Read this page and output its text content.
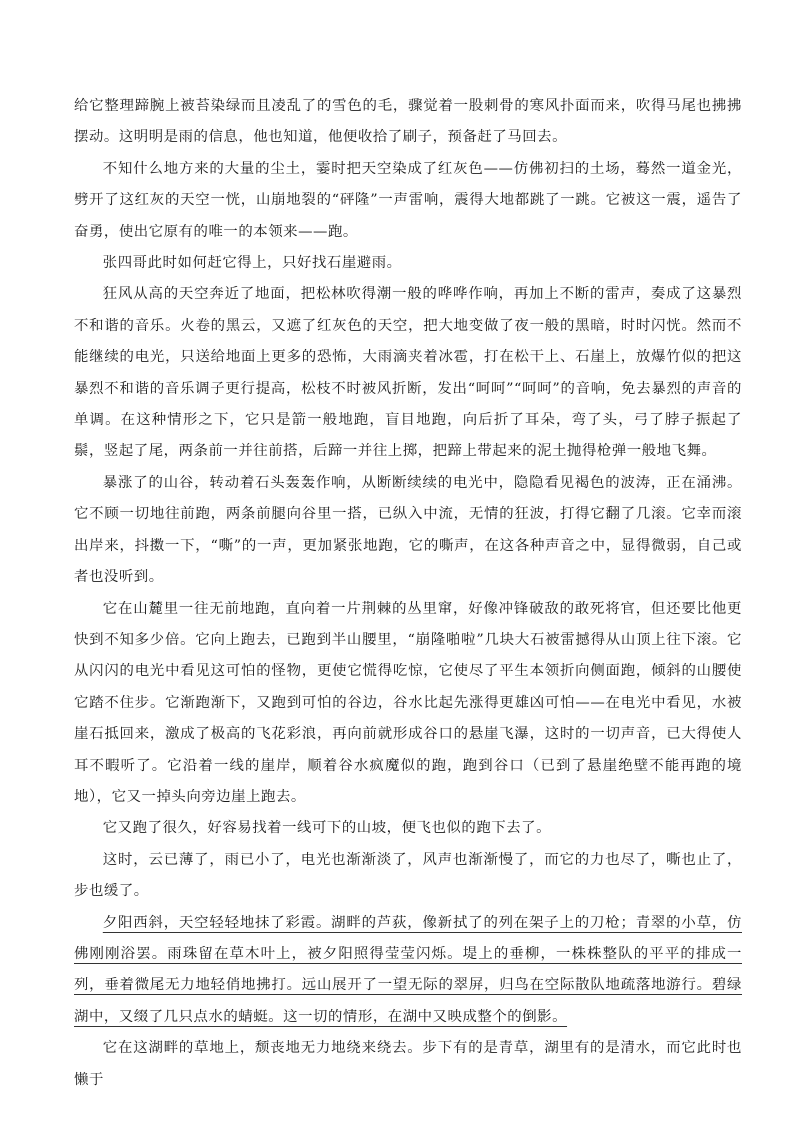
给它整理蹄腕上被苔染绿而且凌乱了的雪色的毛，骤觉着一股刺骨的寒风扑面而来，吹得马尾也拂拂摆动。这明明是雨的信息，他也知道，他便收拾了刷子，预备赶了马回去。

不知什么地方来的大量的尘土，霎时把天空染成了红灰色——仿佛初扫的土场，蓦然一道金光，劈开了这红灰的天空一恍，山崩地裂的“砰隆”一声雷响，震得大地都跳了一跳。它被这一震，遥告了奋勇，使出它原有的唯一的本领来——跑。

张四哥此时如何赶它得上，只好找石崖避雨。

狂风从高的天空奔近了地面，把松林吹得潮一般的哗哗作响，再加上不断的雷声，奏成了这暴烈不和谐的音乐。火卷的黑云，又遮了红灰色的天空，把大地变做了夜一般的黑暗，时时闪恍。然而不能继续的电光，只送给地面上更多的恐怖，大雨滴夹着冰雹，打在松干上、石崖上，放爆竹似的把这暴烈不和谐的音乐调子更行提高，松枝不时被风折断，发出“呵呵”“呵呵”的音响，免去暴烈的声音的单调。在这种情形之下，它只是箭一般地跑，盲目地跑，向后折了耳朵，弯了头，弓了脖子振起了鬃，竖起了尾，两条前一并往前搭，后蹄一并往上掷，把蹄上带起来的泥土抛得枪弹一般地飞舞。

暴涨了的山谷，转动着石头轰轰作响，从断断续续的电光中，隐隐看见褐色的波涛，正在涌沸。它不顾一切地往前跑，两条前腿向谷里一搭，已纵入中流，无情的狂波，打得它翻了几滚。它幸而滚出岸来，抖擞一下，“嘶”的一声，更加紧张地跑，它的嘶声，在这各种声音之中，显得微弱，自己或者也没听到。

它在山麓里一往无前地跑，直向着一片荆棘的丛里窜，好像冲锋破敌的敢死将官，但还要比他更快到不知多少倍。它向上跑去，已跑到半山腰里，“崩隆啪啦”几块大石被雷撼得从山顶上往下滚。它从闪闪的电光中看见这可怕的怪物，更使它慌得吃惊，它使尽了平生本领折向侧面跑，倾斜的山腰使它踏不住步。它渐跑渐下，又跑到可怕的谷边，谷水比起先涨得更雄凶可怕——在电光中看见，水被崖石抵回来，激成了极高的飞花彩浪，再向前就形成谷口的悬崖飞瀑，这时的一切声音，已大得使人耳不暇听了。它沿着一线的崖岸，顺着谷水疯魔似的跑，跑到谷口（已到了悬崖绝壁不能再跑的境地），它又一掉头向旁边崖上跑去。

它又跑了很久，好容易找着一线可下的山坡，便飞也似的跑下去了。

这时，云已薄了，雨已小了，电光也渐渐淡了，风声也渐渐慢了，而它的力也尽了，嘶也止了，步也缓了。

夕阳西斜，天空轻轻地抹了彩霞。湖畔的芦荻，像新拭了的列在架子上的刀枪；青翠的小草，仿佛刚刚浴罢。雨珠留在草木叶上，被夕阳照得莹莹闪烁。堤上的垂柳，一株株整队的平平的排成一列，垂着微尾无力地轻俏地拂打。远山展开了一望无际的翠屏，归鸟在空际散队地疏落地游行。碧绿湖中，又缀了几只点水的蜻蜓。这一切的情形，在湖中又映成整个的倒影。

它在这湖畔的草地上，颓丧地无力地绕来绕去。步下有的是青草，湖里有的是清水，而它此时也懒于
